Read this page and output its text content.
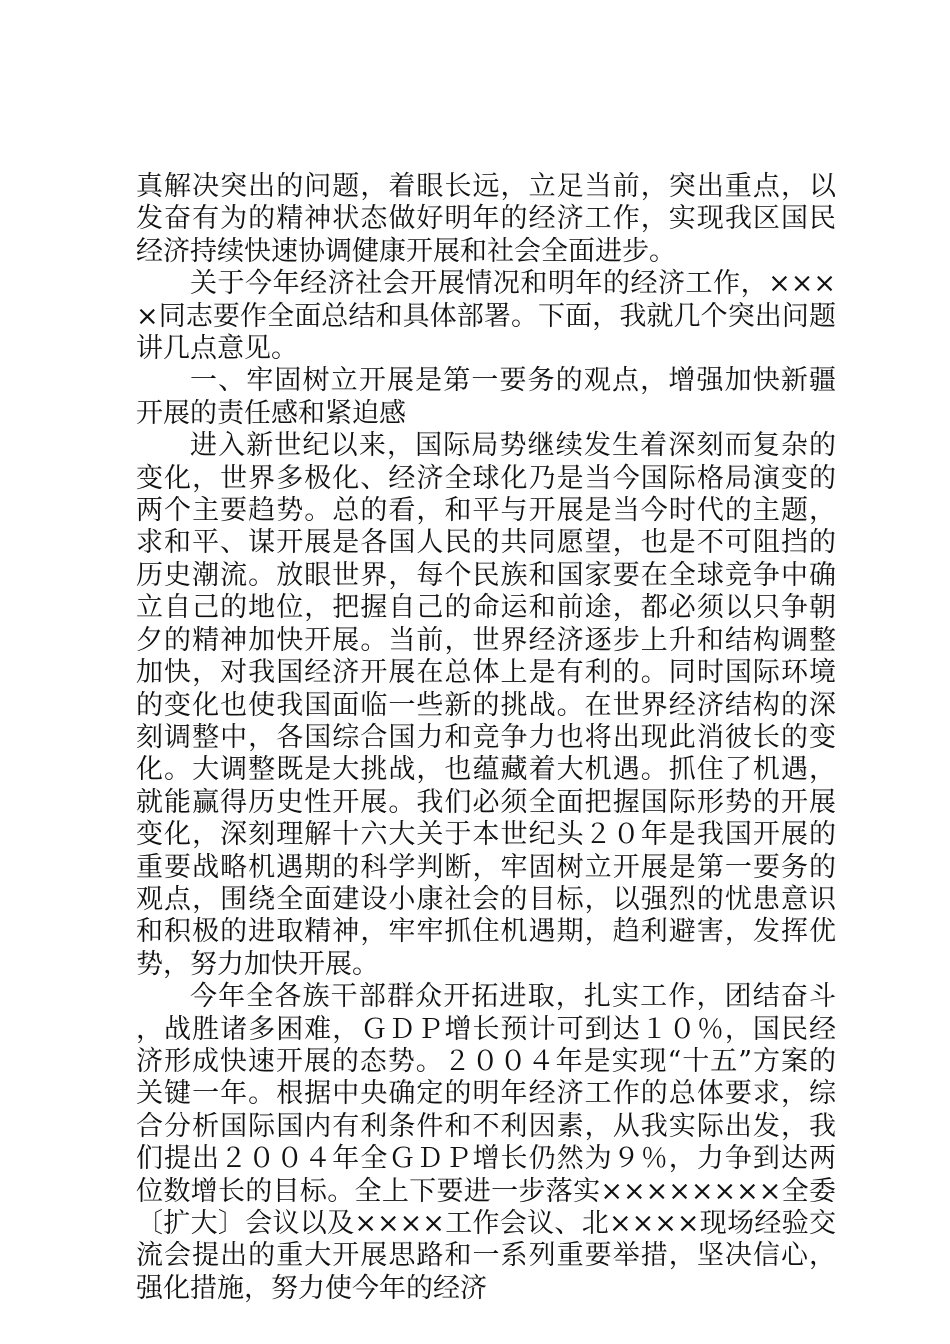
真解决突出的问题，着眼长远，立足当前，突出重点，以发奋有为的精神状态做好明年的经济工作，实现我区国民经济持续快速协调健康开展和社会全面进步。

关于今年经济社会开展情况和明年的经济工作，××××同志要作全面总结和具体部署。下面，我就几个突出问题讲几点意见。

一、牢固树立开展是第一要务的观点，增强加快新疆开展的责任感和紧迫感

进入新世纪以来，国际局势继续发生着深刻而复杂的变化，世界多极化、经济全球化乃是当今国际格局演变的两个主要趋势。总的看，和平与开展是当今时代的主题，求和平、谋开展是各国人民的共同愿望，也是不可阻挡的历史潮流。放眼世界，每个民族和国家要在全球竞争中确立自己的地位，把握自己的命运和前途，都必须以只争朝夕的精神加快开展。当前，世界经济逐步上升和结构调整加快，对我国经济开展在总体上是有利的。同时国际环境的变化也使我国面临一些新的挑战。在世界经济结构的深刻调整中，各国综合国力和竞争力也将出现此消彼长的变化。大调整既是大挑战，也蕴藏着大机遇。抓住了机遇，就能赢得历史性开展。我们必须全面把握国际形势的开展变化，深刻理解十六大关于本世纪头２０年是我国开展的重要战略机遇期的科学判断，牢固树立开展是第一要务的观点，围绕全面建设小康社会的目标，以强烈的忧患意识和积极的进取精神，牢牢抓住机遇期，趋利避害，发挥优势，努力加快开展。

今年全各族干部群众开拓进取，扎实工作，团结奋斗，战胜诸多困难，ＧＤＰ增长预计可到达１０％，国民经济形成快速开展的态势。２００４年是实现“十五”方案的关键一年。根据中央确定的明年经济工作的总体要求，综合分析国际国内有利条件和不利因素，从我实际出发，我们提出２００４年全ＧＤＰ增长仍然为９％，力争到达两位数增长的目标。全上下要进一步落实××××××××全委〔扩大〕会议以及××××工作会议、北××××现场经验交流会提出的重大开展思路和一系列重要举措，坚决信心，强化措施，努力使今年的经济
